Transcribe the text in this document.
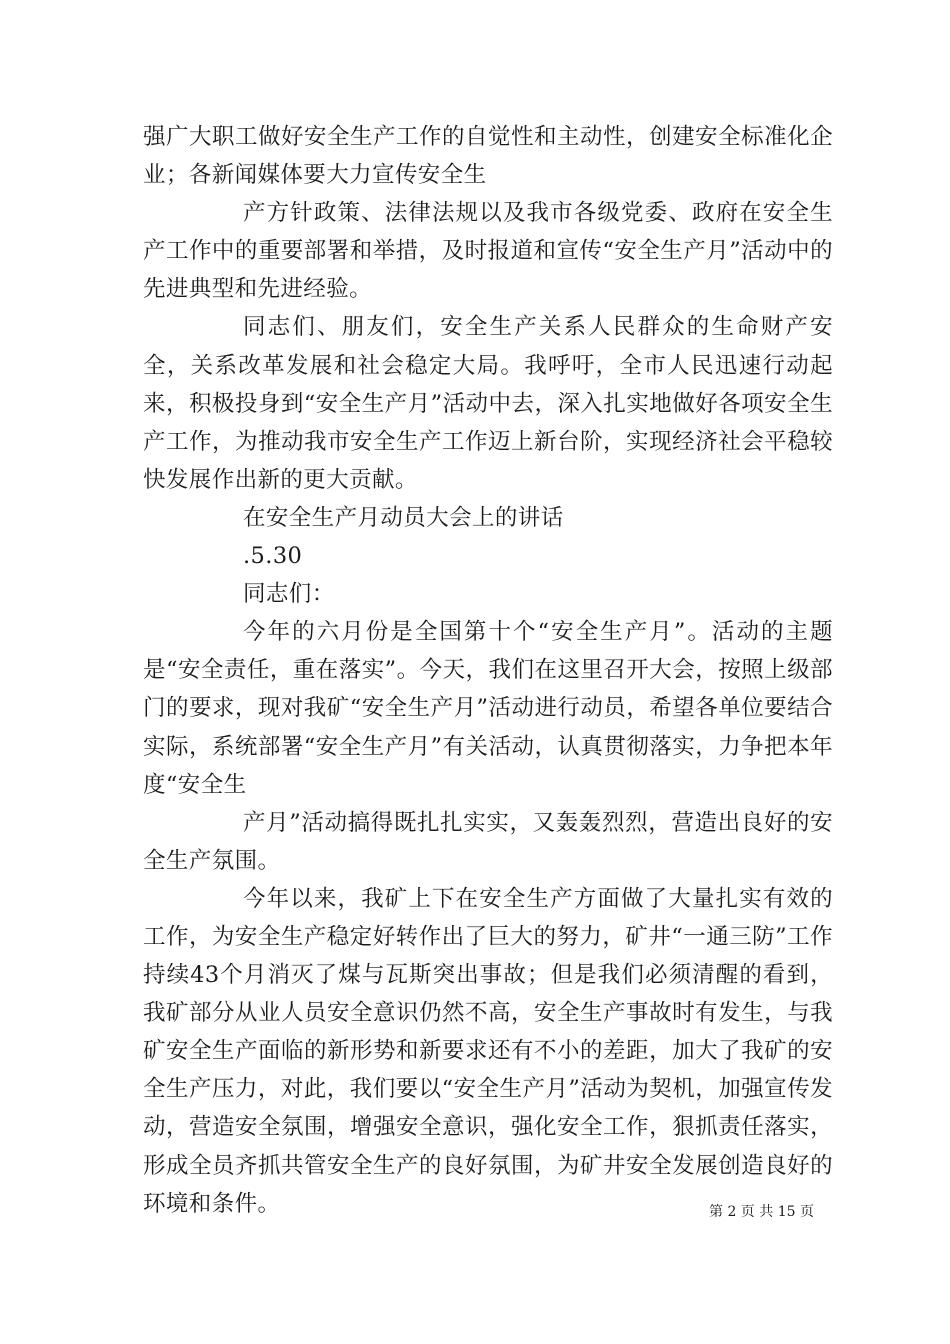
强广大职工做好安全生产工作的自觉性和主动性，创建安全标准化企业；各新闻媒体要大力宣传安全生

产方针政策、法律法规以及我市各级党委、政府在安全生产工作中的重要部署和举措，及时报道和宣传“安全生产月”活动中的先进典型和先进经验。

同志们、朋友们，安全生产关系人民群众的生命财产安全，关系改革发展和社会稳定大局。我呼吁，全市人民迅速行动起来，积极投身到“安全生产月”活动中去，深入扎实地做好各项安全生产工作，为推动我市安全生产工作迈上新台阶，实现经济社会平稳较快发展作出新的更大贡献。

在安全生产月动员大会上的讲话

.5.30

同志们：

今年的六月份是全国第十个“安全生产月”。活动的主题是“安全责任，重在落实”。今天，我们在这里召开大会，按照上级部门的要求，现对我矿“安全生产月”活动进行动员，希望各单位要结合实际，系统部署“安全生产月”有关活动，认真贯彻落实，力争把本年度“安全生

产月”活动搞得既扎扎实实，又轰轰烈烈，营造出良好的安全生产氛围。

今年以来，我矿上下在安全生产方面做了大量扎实有效的工作，为安全生产稳定好转作出了巨大的努力，矿井“一通三防”工作持续43个月消灭了煤与瓦斯突出事故；但是我们必须清醒的看到，我矿部分从业人员安全意识仍然不高，安全生产事故时有发生，与我矿安全生产面临的新形势和新要求还有不小的差距，加大了我矿的安全生产压力，对此，我们要以“安全生产月”活动为契机，加强宣传发动，营造安全氛围，增强安全意识，强化安全工作，狠抓责任落实，形成全员齐抓共管安全生产的良好氛围，为矿井安全发展创造良好的环境和条件。	第 2 页 共 15 页
